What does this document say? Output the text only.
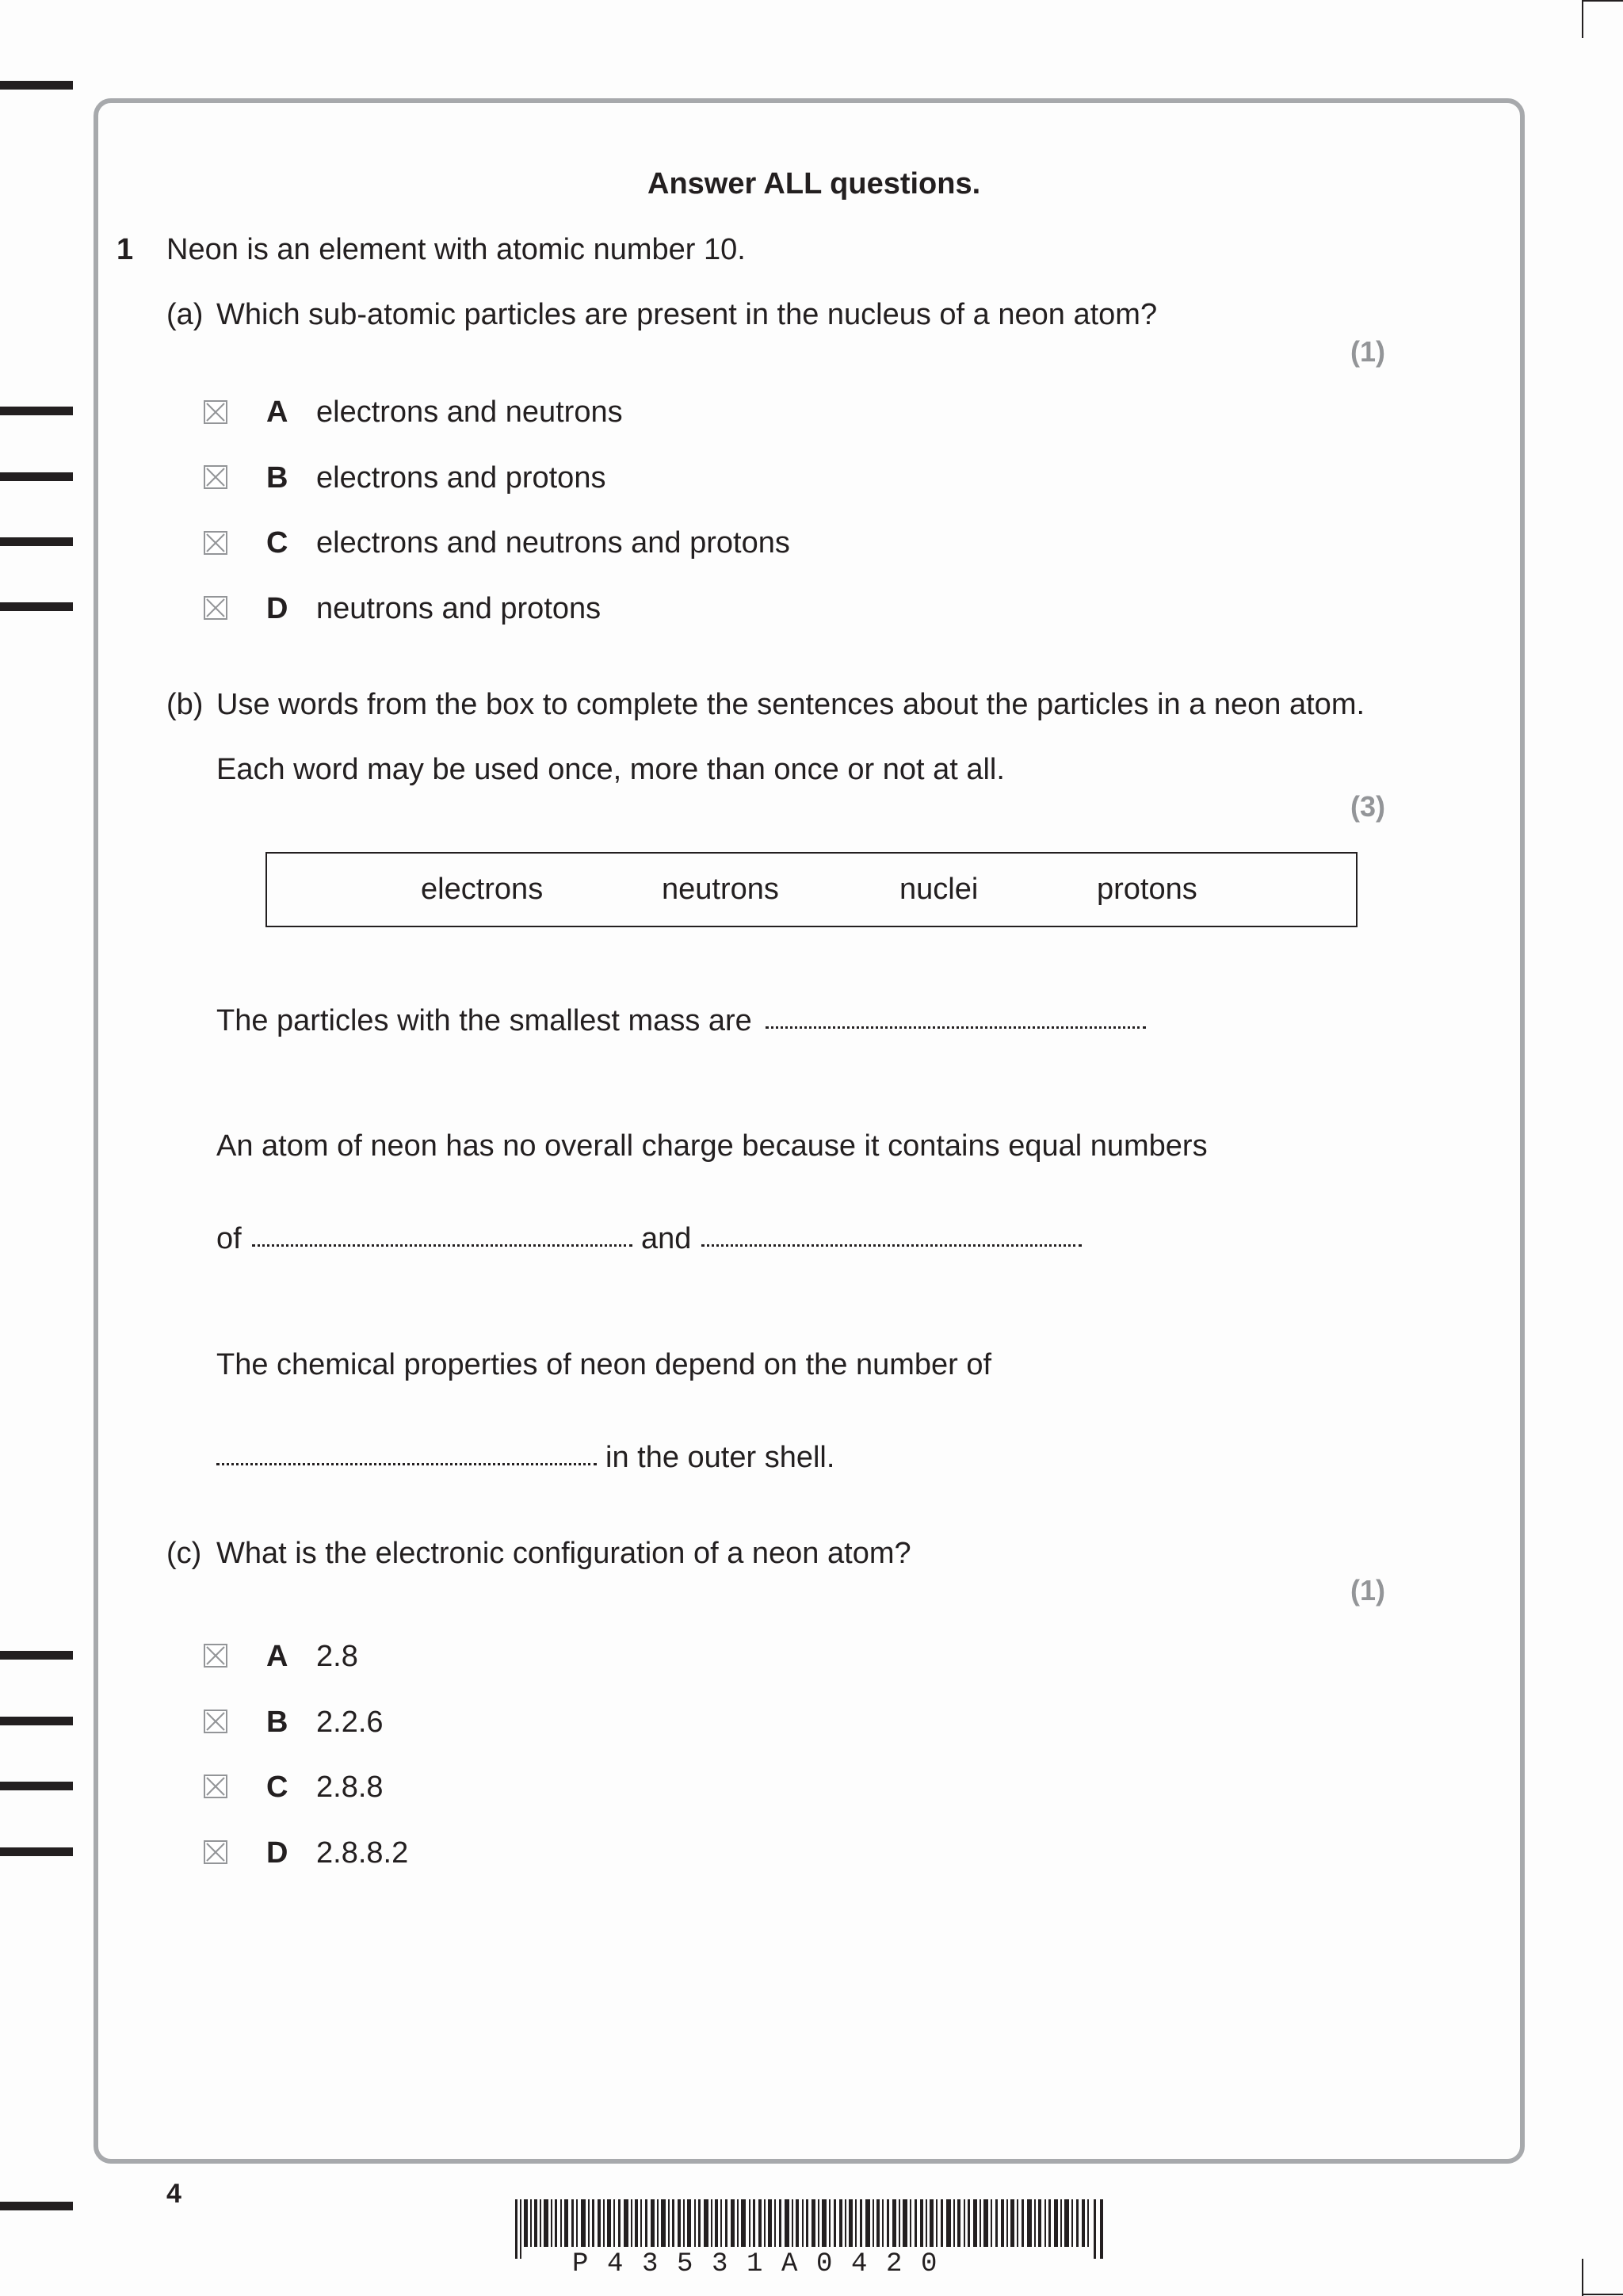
Answer ALL questions.
1 Neon is an element with atomic number 10.
(a) Which sub-atomic particles are present in the nucleus of a neon atom?
(1)
A electrons and neutrons
B electrons and protons
C electrons and neutrons and protons
D neutrons and protons
(b) Use words from the box to complete the sentences about the particles in a neon atom.
Each word may be used once, more than once or not at all.
(3)
electrons	neutrons	nuclei	protons
The particles with the smallest mass are
An atom of neon has no overall charge because it contains equal numbers
of	and
The chemical properties of neon depend on the number of
in the outer shell.
(c) What is the electronic configuration of a neon atom?
(1)
A 2.8
B 2.2.6
C 2.8.8
D 2.8.8.2
4
P 4 3 5 3 1 A 0 4 2 0
